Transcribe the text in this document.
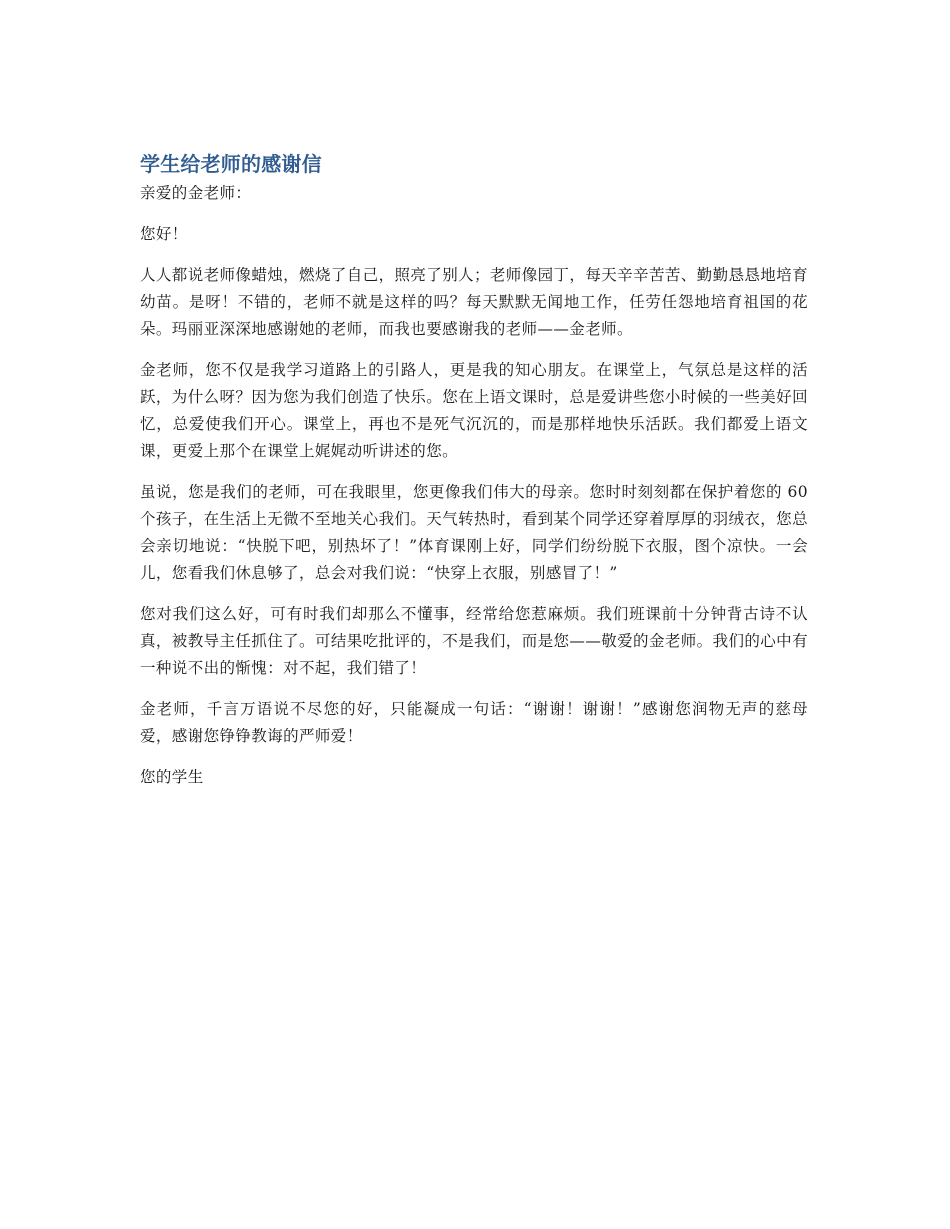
学生给老师的感谢信

亲爱的金老师：

您好！

人人都说老师像蜡烛，燃烧了自己，照亮了别人；老师像园丁，每天辛辛苦苦、勤勤恳恳地培育幼苗。是呀！不错的，老师不就是这样的吗？每天默默无闻地工作，任劳任怨地培育祖国的花朵。玛丽亚深深地感谢她的老师，而我也要感谢我的老师——金老师。

金老师，您不仅是我学习道路上的引路人，更是我的知心朋友。在课堂上，气氛总是这样的活跃，为什么呀？因为您为我们创造了快乐。您在上语文课时，总是爱讲些您小时候的一些美好回忆，总爱使我们开心。课堂上，再也不是死气沉沉的，而是那样地快乐活跃。我们都爱上语文课，更爱上那个在课堂上娓娓动听讲述的您。

虽说，您是我们的老师，可在我眼里，您更像我们伟大的母亲。您时时刻刻都在保护着您的 60 个孩子，在生活上无微不至地关心我们。天气转热时，看到某个同学还穿着厚厚的羽绒衣，您总会亲切地说：“快脱下吧，别热坏了！”体育课刚上好，同学们纷纷脱下衣服，图个凉快。一会儿，您看我们休息够了，总会对我们说：“快穿上衣服，别感冒了！”

您对我们这么好，可有时我们却那么不懂事，经常给您惹麻烦。我们班课前十分钟背古诗不认真，被教导主任抓住了。可结果吃批评的，不是我们，而是您——敬爱的金老师。我们的心中有一种说不出的惭愧：对不起，我们错了！

金老师，千言万语说不尽您的好，只能凝成一句话：“谢谢！谢谢！”感谢您润物无声的慈母爱，感谢您铮铮教诲的严师爱！

您的学生
